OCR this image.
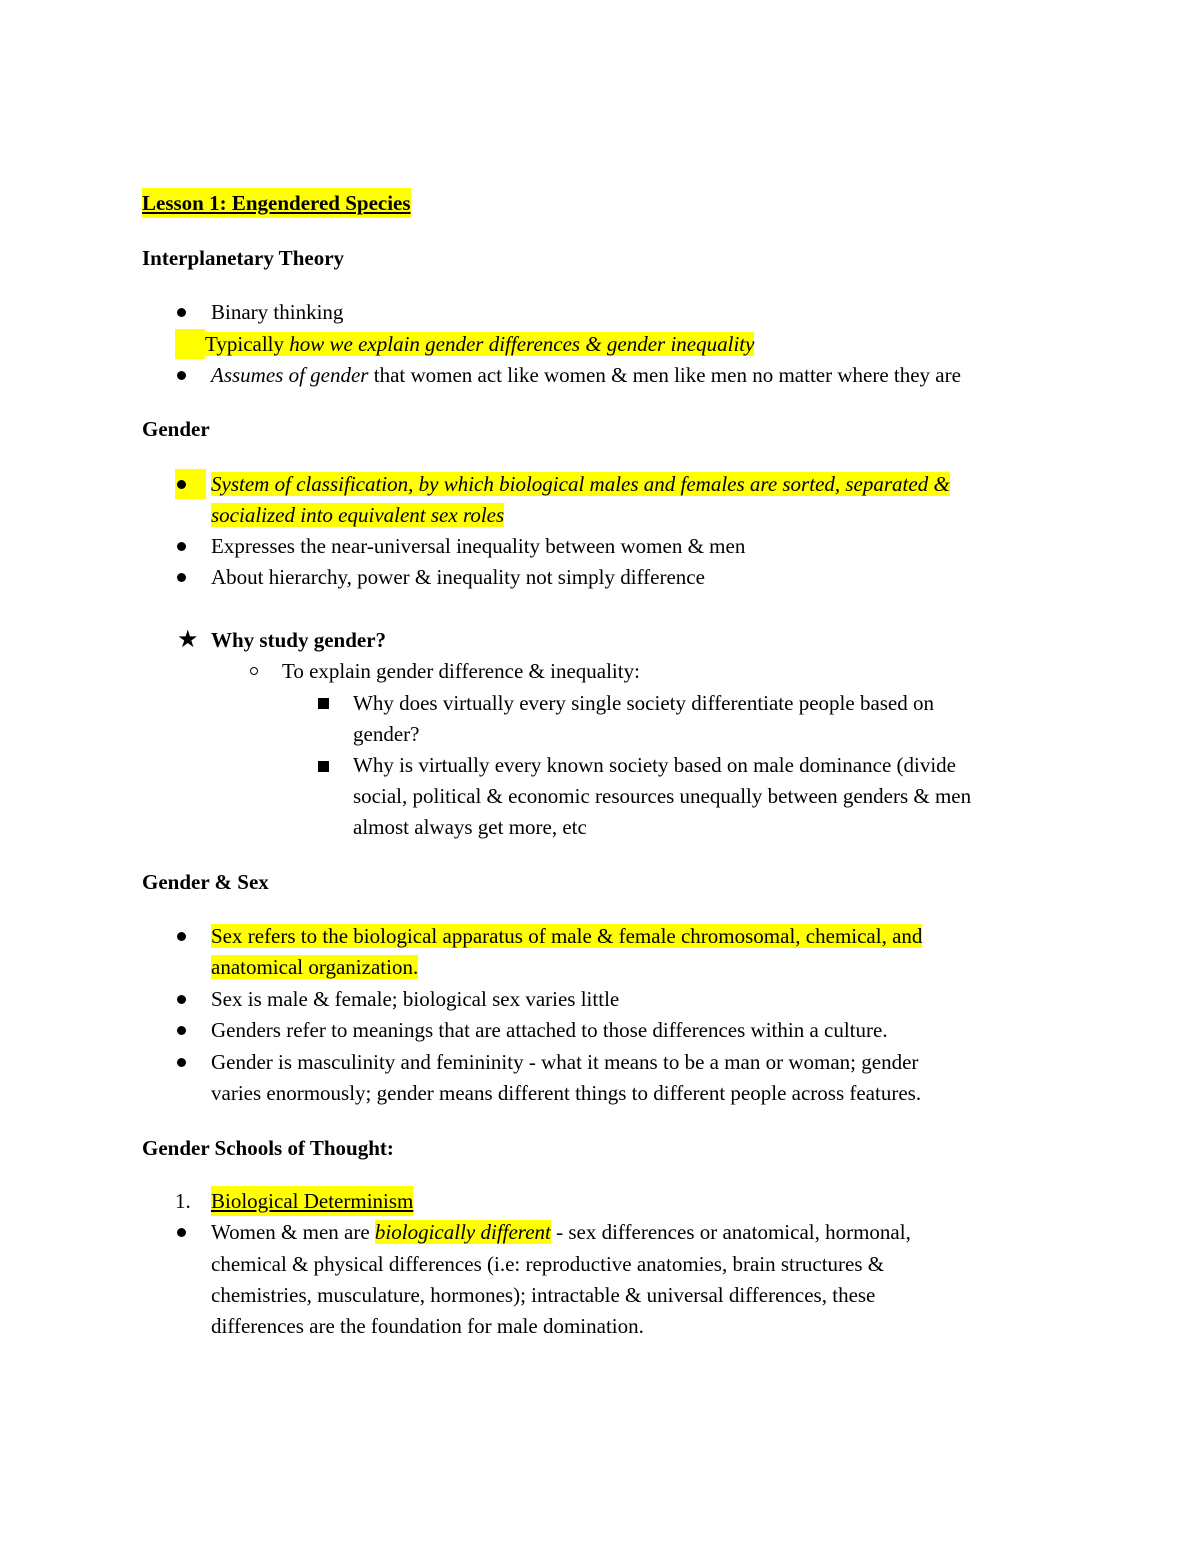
Lesson 1: Engendered Species
Interplanetary Theory
Binary thinking
Typically how we explain gender differences & gender inequality
Assumes of gender that women act like women & men like men no matter where they are
Gender
System of classification, by which biological males and females are sorted, separated &
socialized into equivalent sex roles
Expresses the near-universal inequality between women & men
About hierarchy, power & inequality not simply difference
★ Why study gender?
To explain gender difference & inequality:
Why does virtually every single society differentiate people based on
gender?
Why is virtually every known society based on male dominance (divide
social, political & economic resources unequally between genders & men
almost always get more, etc
Gender & Sex
Sex refers to the biological apparatus of male & female chromosomal, chemical, and
anatomical organization.
Sex is male & female; biological sex varies little
Genders refer to meanings that are attached to those differences within a culture.
Gender is masculinity and femininity - what it means to be a man or woman; gender
varies enormously; gender means different things to different people across features.
Gender Schools of Thought:
1. Biological Determinism
Women & men are biologically different - sex differences or anatomical, hormonal,
chemical & physical differences (i.e: reproductive anatomies, brain structures &
chemistries, musculature, hormones); intractable & universal differences, these
differences are the foundation for male domination.
